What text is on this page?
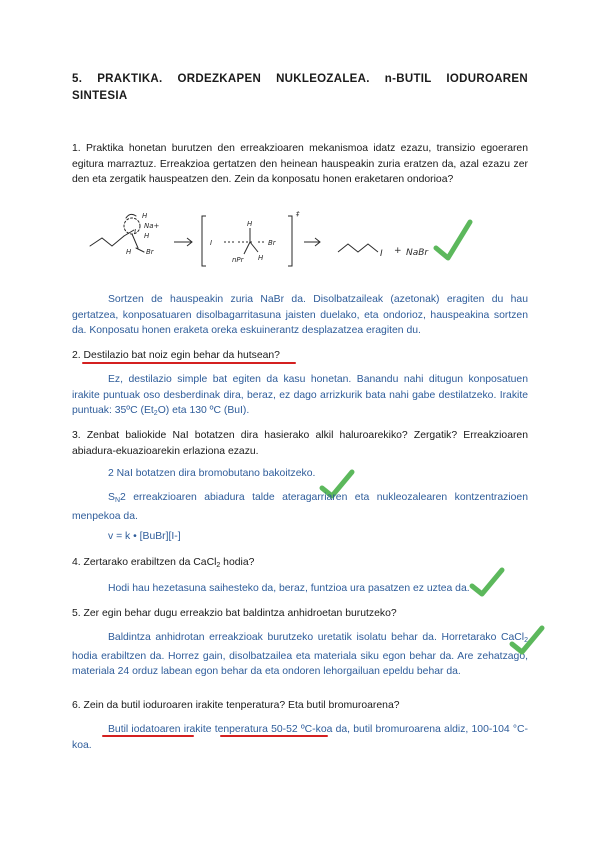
5. PRAKTIKA. ORDEZKAPEN NUKLEOZALEA. n-BUTIL IODUROAREN SINTESIA
1. Praktika honetan burutzen den erreakzioaren mekanismoa idatz ezazu, transizio egoeraren egitura marraztuz. Erreakzioa gertatzen den heinean hauspeakin zuria eratzen da, azal ezazu zer den eta zergatik hauspeatzen den. Zein da konposatu honen eraketaren ondorioa?
H
Na+
I H
Br
H
I	Br
H
H
nPr
‡
I + NaBr
Sortzen de hauspeakin zuria NaBr da. Disolbatzaileak (azetonak) eragiten du hau gertatzea, konposatuaren disolbagarritasuna jaisten duelako, eta ondorioz, hauspeakina sortzen da. Konposatu honen eraketa oreka eskuinerantz desplazatzea eragiten du.
2. Destilazio bat noiz egin behar da hutsean?
Ez, destilazio simple bat egiten da kasu honetan. Banandu nahi ditugun konposatuen irakite puntuak oso desberdinak dira, beraz, ez dago arrizkurik bata nahi gabe destilatzeko. Irakite puntuak: 35ºC $(Et_2O)$ eta 130 ºC (BuI).
3. Zenbat baliokide NaI botatzen dira hasierako alkil haluroarekiko? Zergatik? Erreakzioaren abiadura-ekuazioarekin erlaziona ezazu.
2 NaI botatzen dira bromobutano bakoitzeko.
$S_N2$ erreakzioaren abiadura talde ateragarriaren eta nukleozalearen kontzentrazioen menpekoa da.
v = k • [BuBr][I-]
4. Zertarako erabiltzen da CaCl$_2$ hodia?
Hodi hau hezetasuna saihesteko da, beraz, funtzioa ura pasatzen ez uztea da.
5. Zer egin behar dugu erreakzio bat baldintza anhidroetan burutzeko?
Baldintza anhidrotan erreakzioak burutzeko uretatik isolatu behar da. Horretarako CaCl$_2$ hodia erabiltzen da. Horrez gain, disolbatzailea eta materiala siku egon behar da. Are zehatzago, materiala 24 orduz labean egon behar da eta ondoren lehorgailuan epeldu behar da.
6. Zein da butil ioduroaren irakite tenperatura? Eta butil bromuroarena?
Butil iodatoaren irakite tenperatura 50-52 ºC-koa da, butil bromuroarena aldiz, 100-104 °C-koa.
